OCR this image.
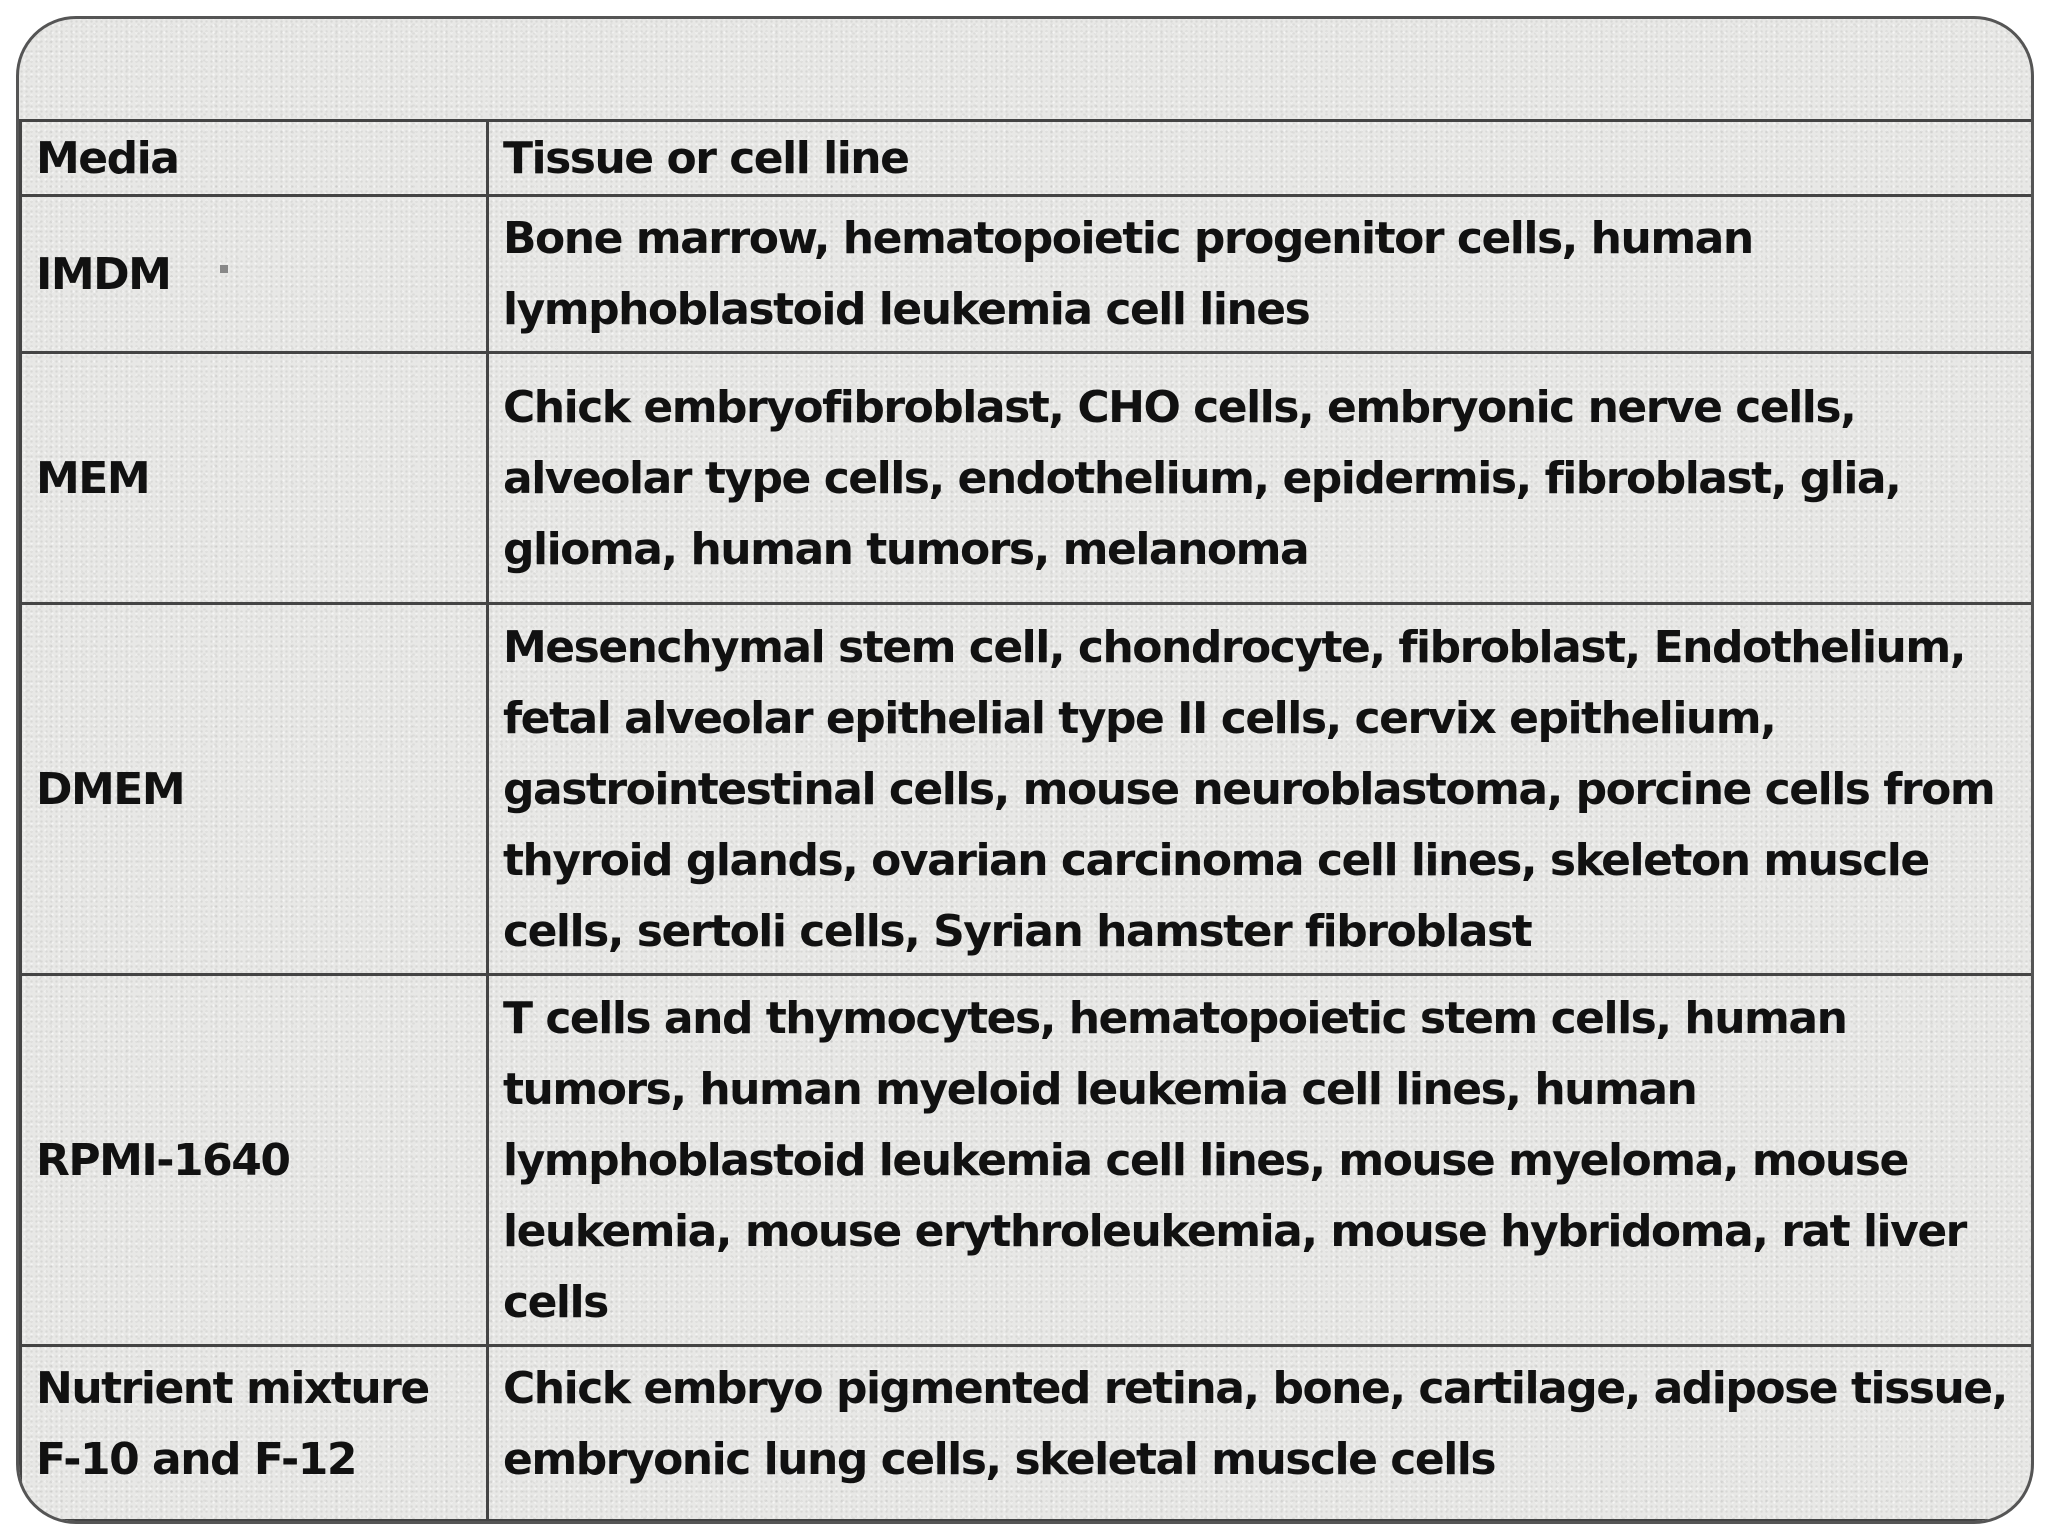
Media	Tissue or cell line
IMDM	Bone marrow, hematopoietic progenitor cells, human lymphoblastoid leukemia cell lines
MEM	Chick embryofibroblast, CHO cells, embryonic nerve cells, alveolar type cells, endothelium, epidermis, fibroblast, glia, glioma, human tumors, melanoma
DMEM	Mesenchymal stem cell, chondrocyte, fibroblast, Endothelium, fetal alveolar epithelial type II cells, cervix epithelium, gastrointestinal cells, mouse neuroblastoma, porcine cells from thyroid glands, ovarian carcinoma cell lines, skeleton muscle cells, sertoli cells, Syrian hamster fibroblast
RPMI-1640	T cells and thymocytes, hematopoietic stem cells, human tumors, human myeloid leukemia cell lines, human lymphoblastoid leukemia cell lines, mouse myeloma, mouse leukemia, mouse erythroleukemia, mouse hybridoma, rat liver cells
Nutrient mixture F-10 and F-12	Chick embryo pigmented retina, bone, cartilage, adipose tissue, embryonic lung cells, skeletal muscle cells
